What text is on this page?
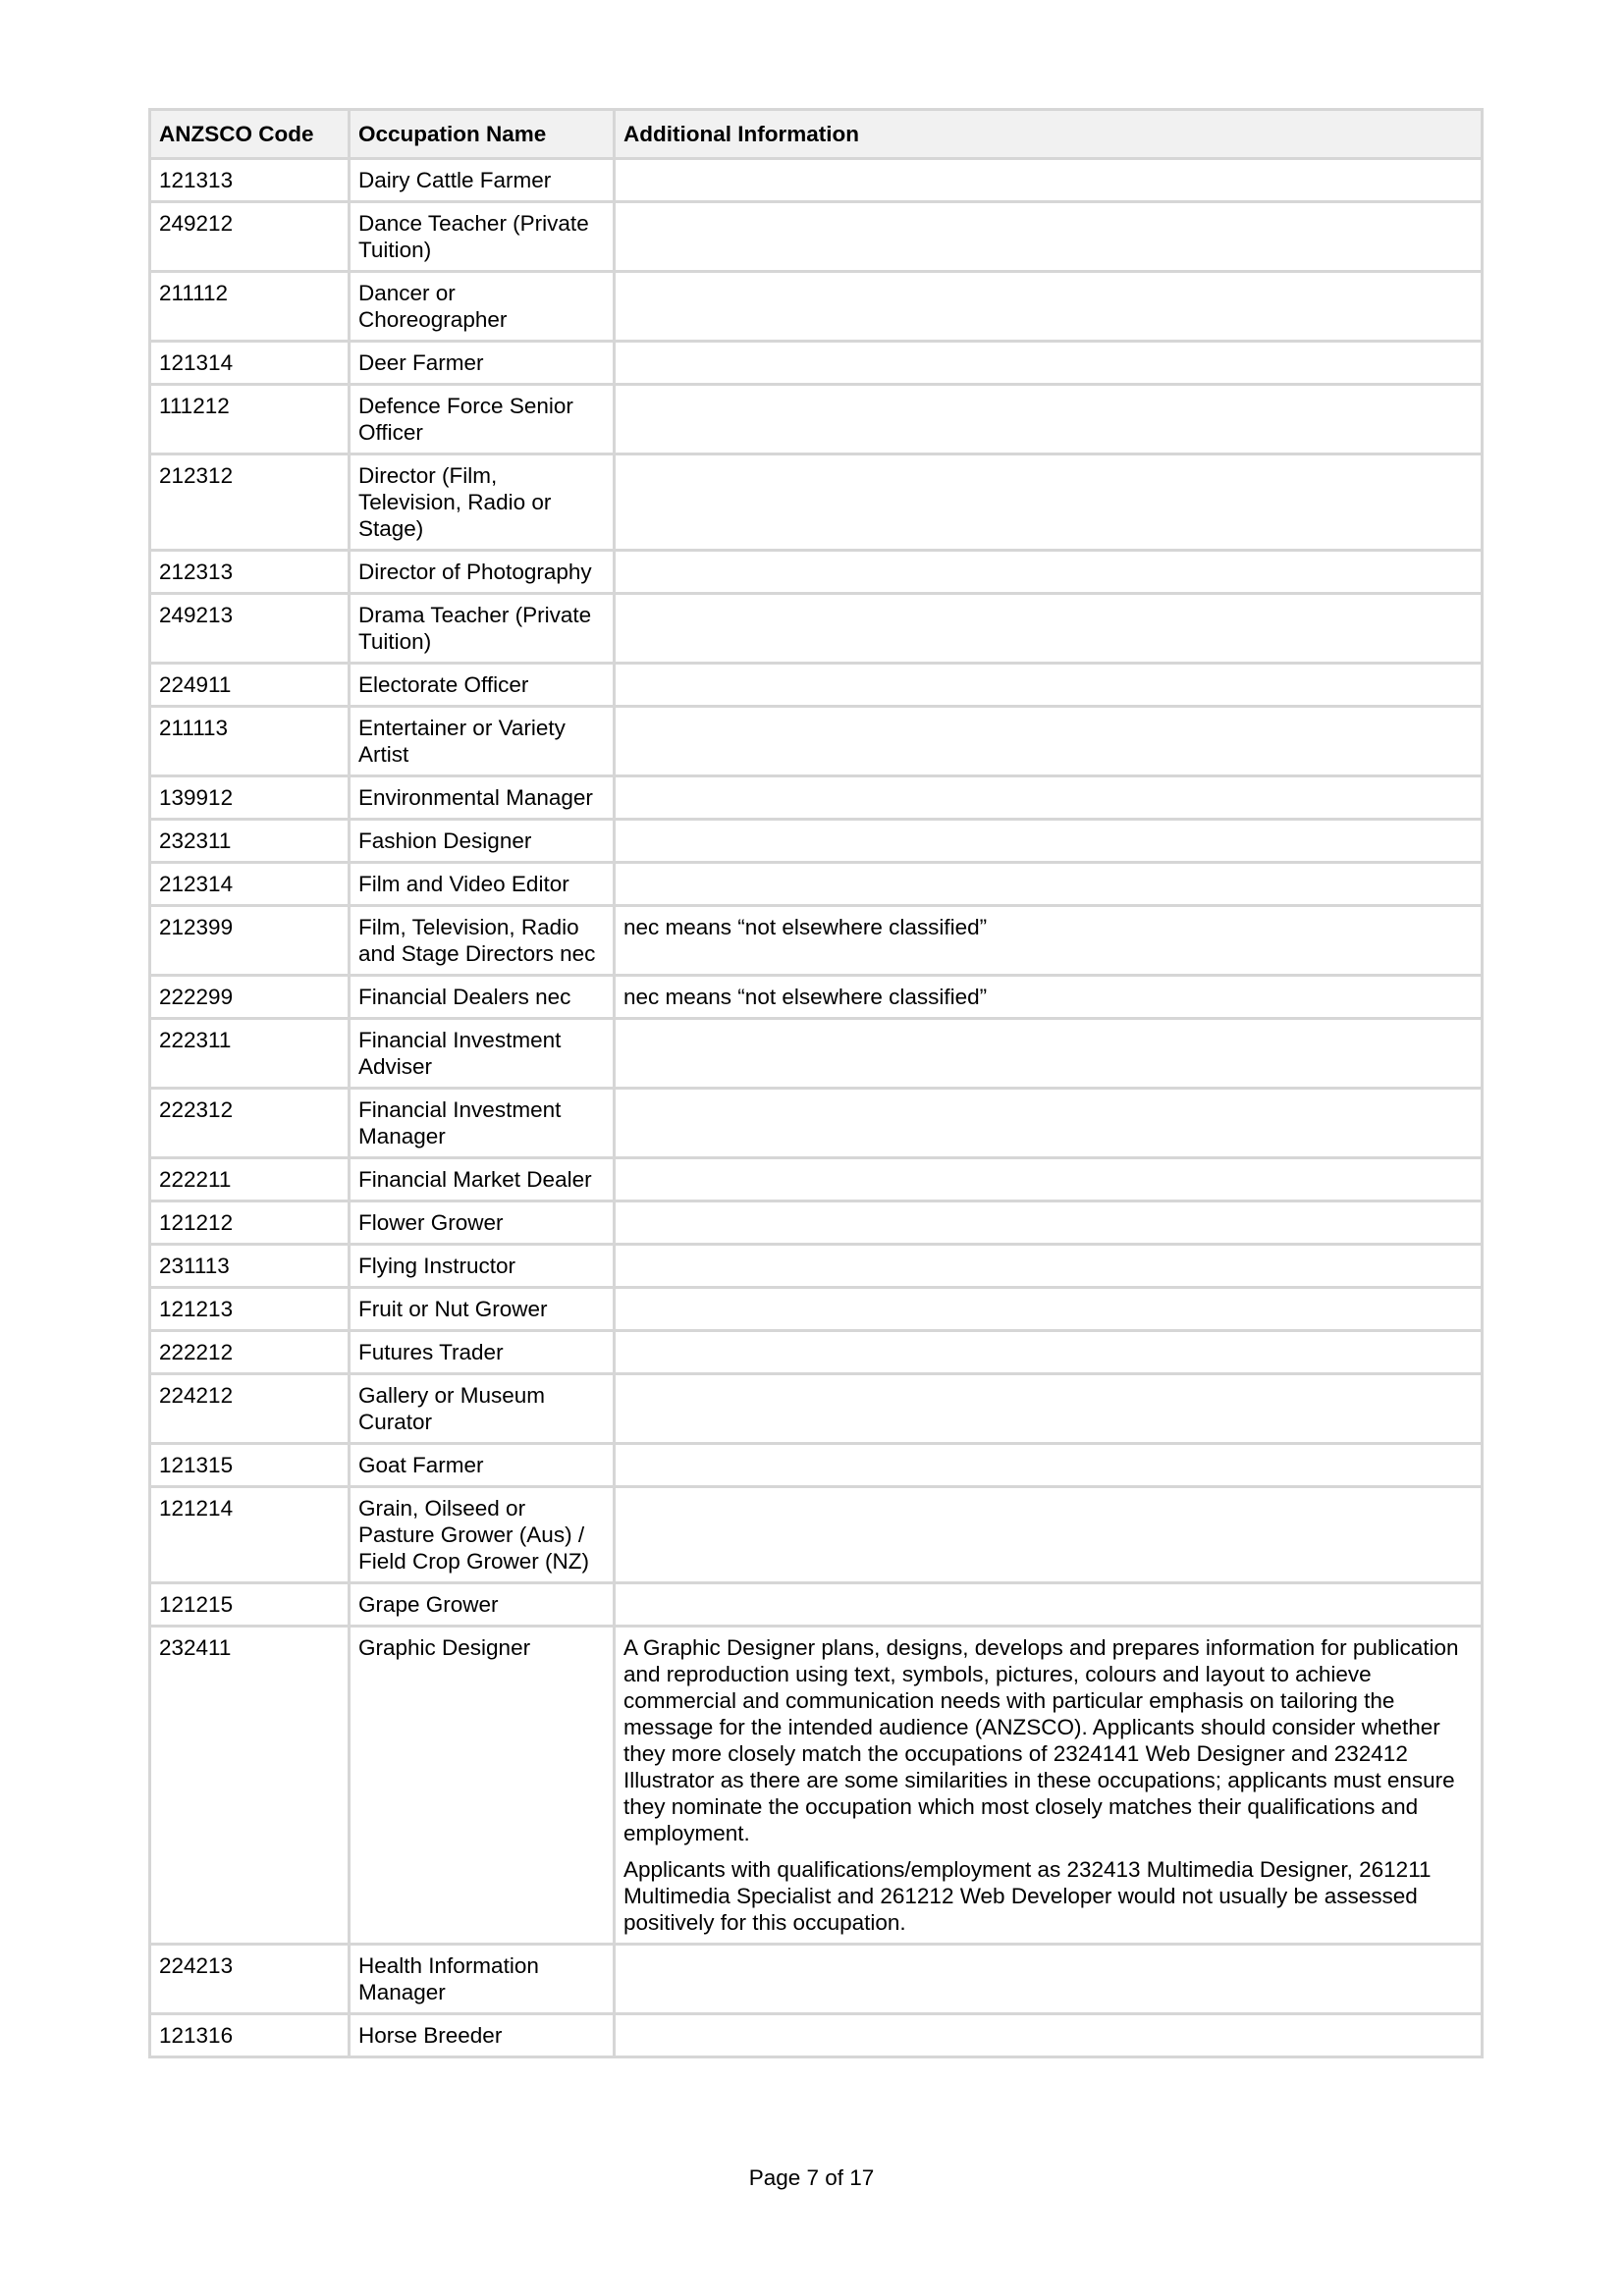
ANZSCO Code	Occupation Name	Additional Information
121313	Dairy Cattle Farmer	
249212	Dance Teacher (Private Tuition)	
211112	Dancer or Choreographer	
121314	Deer Farmer	
111212	Defence Force Senior Officer	
212312	Director (Film, Television, Radio or Stage)	
212313	Director of Photography	
249213	Drama Teacher (Private Tuition)	
224911	Electorate Officer	
211113	Entertainer or Variety Artist	
139912	Environmental Manager	
232311	Fashion Designer	
212314	Film and Video Editor	
212399	Film, Television, Radio and Stage Directors nec	nec means “not elsewhere classified”

222299	Financial Dealers nec	nec means “not elsewhere classified”

222311	Financial Investment Adviser	
222312	Financial Investment Manager	
222211	Financial Market Dealer	
121212	Flower Grower	
231113	Flying Instructor	
121213	Fruit or Nut Grower	
222212	Futures Trader	
224212	Gallery or Museum Curator	
121315	Goat Farmer	
121214	Grain, Oilseed or Pasture Grower (Aus) / Field Crop Grower (NZ)	
121215	Grape Grower	
232411	Graphic Designer	A Graphic Designer plans, designs, develops and prepares information for publication and reproduction using text, symbols, pictures, colours and layout to achieve commercial and communication needs with particular emphasis on tailoring the message for the intended audience (ANZSCO). Applicants should consider whether they more closely match the occupations of 2324141 Web Designer and 232412 Illustrator as there are some similarities in these occupations; applicants must ensure they nominate the occupation which most closely matches their qualifications and employment.
Applicants with qualifications/employment as 232413 Multimedia Designer, 261211 Multimedia Specialist and 261212 Web Developer would not usually be assessed positively for this occupation.

224213	Health Information Manager	
121316	Horse Breeder	
Page 7 of 17
